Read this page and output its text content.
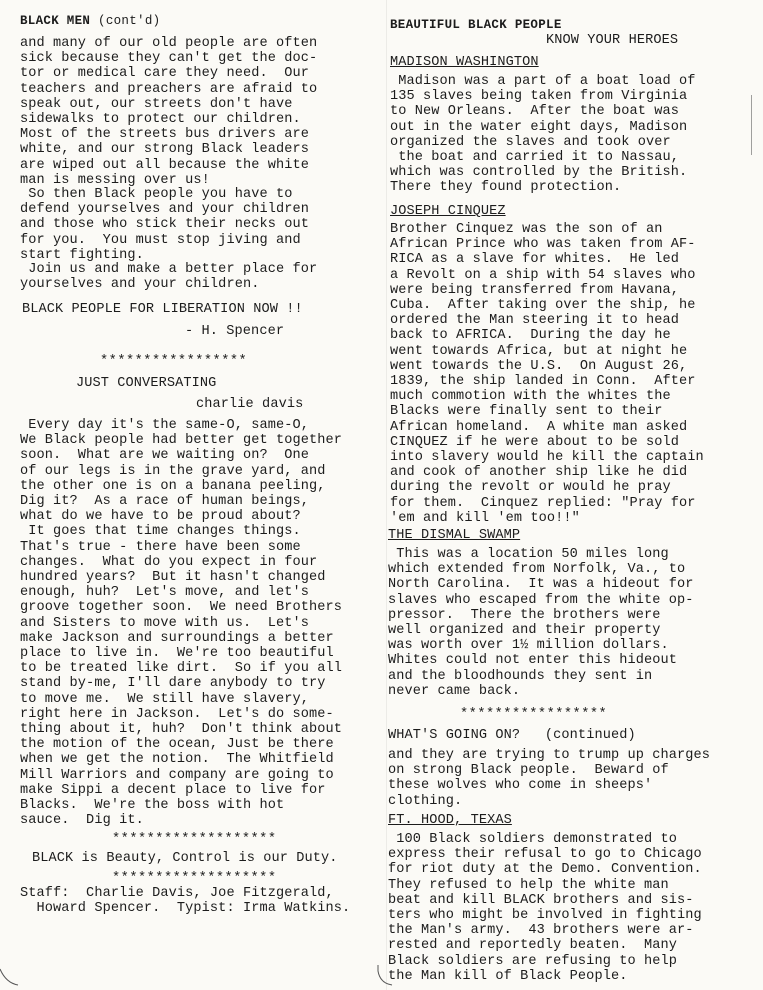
BLACK MEN (cont'd)
and many of our old people are often
sick because they can't get the doc-
tor or medical care they need.  Our
teachers and preachers are afraid to
speak out, our streets don't have
sidewalks to protect our children.
Most of the streets bus drivers are
white, and our strong Black leaders
are wiped out all because the white
man is messing over us!
So then Black people you have to
defend yourselves and your children
and those who stick their necks out
for you.  You must stop jiving and
start fighting.
Join us and make a better place for
yourselves and your children.
BLACK PEOPLE FOR LIBERATION NOW !!
- H. Spencer
*****************
JUST CONVERSATING
charlie davis
Every day it's the same-O, same-O,
We Black people had better get together
soon.  What are we waiting on?  One
of our legs is in the grave yard, and
the other one is on a banana peeling,
Dig it?  As a race of human beings,
what do we have to be proud about?
It goes that time changes things.
That's true - there have been some
changes.  What do you expect in four
hundred years?  But it hasn't changed
enough, huh?  Let's move, and let's
groove together soon.  We need Brothers
and Sisters to move with us.  Let's
make Jackson and surroundings a better
place to live in.  We're too beautiful
to be treated like dirt.  So if you all
stand by-me, I'll dare anybody to try
to move me.  We still have slavery,
right here in Jackson.  Let's do some-
thing about it, huh?  Don't think about
the motion of the ocean, Just be there
when we get the notion.  The Whitfield
Mill Warriors and company are going to
make Sippi a decent place to live for
Blacks.  We're the boss with hot
sauce.  Dig it.
*******************
BLACK is Beauty, Control is our Duty.
*******************
Staff:  Charlie Davis, Joe Fitzgerald,
Howard Spencer.  Typist: Irma Watkins.
BEAUTIFUL BLACK PEOPLE
KNOW YOUR HEROES
MADISON WASHINGTON
Madison was a part of a boat load of
135 slaves being taken from Virginia
to New Orleans.  After the boat was
out in the water eight days, Madison
organized the slaves and took over
the boat and carried it to Nassau,
which was controlled by the British.
There they found protection.
JOSEPH CINQUEZ
Brother Cinquez was the son of an
African Prince who was taken from AF-
RICA as a slave for whites.  He led
a Revolt on a ship with 54 slaves who
were being transferred from Havana,
Cuba.  After taking over the ship, he
ordered the Man steering it to head
back to AFRICA.  During the day he
went towards Africa, but at night he
went towards the U.S.  On August 26,
1839, the ship landed in Conn.  After
much commotion with the whites the
Blacks were finally sent to their
African homeland.  A white man asked
CINQUEZ if he were about to be sold
into slavery would he kill the captain
and cook of another ship like he did
during the revolt or would he pray
for them.  Cinquez replied: "Pray for
'em and kill 'em too!!"
THE DISMAL SWAMP
This was a location 50 miles long
which extended from Norfolk, Va., to
North Carolina.  It was a hideout for
slaves who escaped from the white op-
pressor.  There the brothers were
well organized and their property
was worth over 1½ million dollars.
Whites could not enter this hideout
and the bloodhounds they sent in
never came back.
*****************
WHAT'S GOING ON? (continued)
and they are trying to trump up charges
on strong Black people.  Beward of
these wolves who come in sheeps'
clothing.
FT. HOOD, TEXAS
100 Black soldiers demonstrated to
express their refusal to go to Chicago
for riot duty at the Demo. Convention.
They refused to help the white man
beat and kill BLACK brothers and sis-
ters who might be involved in fighting
the Man's army.  43 brothers were ar-
rested and reportedly beaten.  Many
Black soldiers are refusing to help
the Man kill of Black People.
